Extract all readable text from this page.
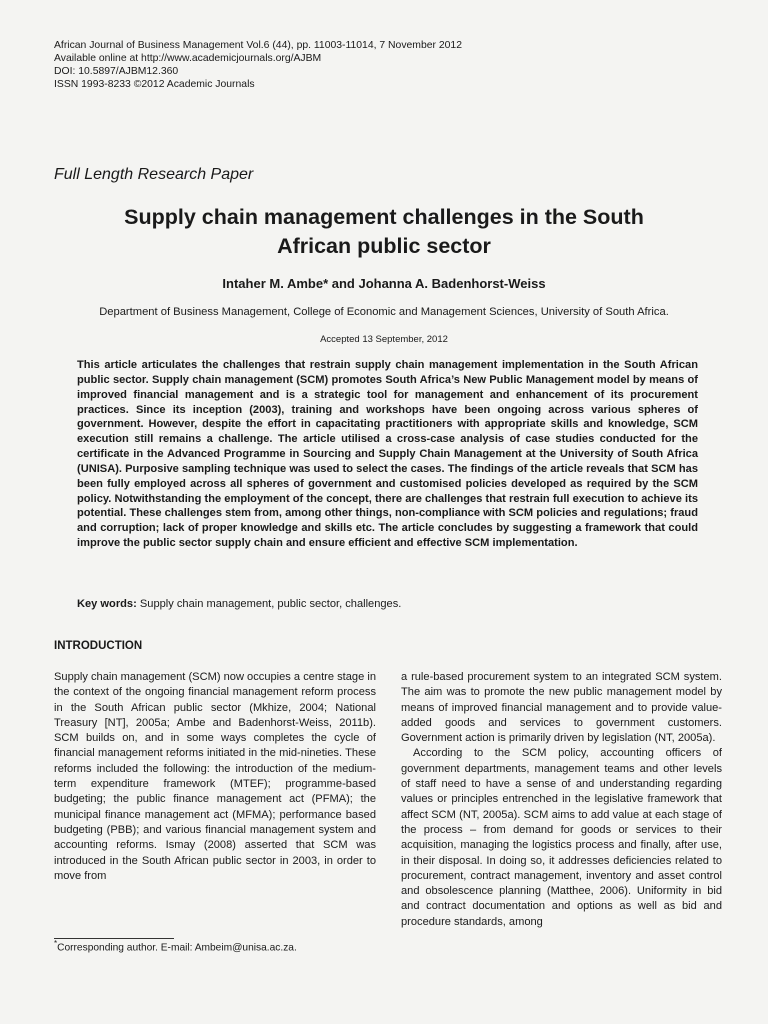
African Journal of Business Management Vol.6 (44), pp. 11003-11014, 7 November 2012
Available online at http://www.academicjournals.org/AJBM
DOI: 10.5897/AJBM12.360
ISSN 1993-8233 ©2012 Academic Journals
Full Length Research Paper
Supply chain management challenges in the South
African public sector
Intaher M. Ambe* and Johanna A. Badenhorst-Weiss
Department of Business Management, College of Economic and Management Sciences, University of South Africa.
Accepted 13 September, 2012
This article articulates the challenges that restrain supply chain management implementation in the South African public sector. Supply chain management (SCM) promotes South Africa’s New Public Management model by means of improved financial management and is a strategic tool for management and enhancement of its procurement practices. Since its inception (2003), training and workshops have been ongoing across various spheres of government. However, despite the effort in capacitating practitioners with appropriate skills and knowledge, SCM execution still remains a challenge. The article utilised a cross-case analysis of case studies conducted for the certificate in the Advanced Programme in Sourcing and Supply Chain Management at the University of South Africa (UNISA). Purposive sampling technique was used to select the cases. The findings of the article reveals that SCM has been fully employed across all spheres of government and customised policies developed as required by the SCM policy. Notwithstanding the employment of the concept, there are challenges that restrain full execution to achieve its potential. These challenges stem from, among other things, non-compliance with SCM policies and regulations; fraud and corruption; lack of proper knowledge and skills etc. The article concludes by suggesting a framework that could improve the public sector supply chain and ensure efficient and effective SCM implementation.
Key words: Supply chain management, public sector, challenges.
INTRODUCTION

Supply chain management (SCM) now occupies a centre stage in the context of the ongoing financial management reform process in the South African public sector (Mkhize, 2004; National Treasury [NT], 2005a; Ambe and Badenhorst-Weiss, 2011b). SCM builds on, and in some ways completes the cycle of financial management reforms initiated in the mid-nineties. These reforms included the following: the introduction of the medium-term expenditure framework (MTEF); programme-based budgeting; the public finance management act (PFMA); the municipal finance management act (MFMA); performance based budgeting (PBB); and various financial management system and accounting reforms. Ismay (2008) asserted that SCM was introduced in the South African public sector in 2003, in order to move from

a rule-based procurement system to an integrated SCM system. The aim was to promote the new public management model by means of improved financial management and to provide value-added goods and services to government customers. Government action is primarily driven by legislation (NT, 2005a).

According to the SCM policy, accounting officers of government departments, management teams and other levels of staff need to have a sense of and understanding regarding values or principles entrenched in the legislative framework that affect SCM (NT, 2005a). SCM aims to add value at each stage of the process – from demand for goods or services to their acquisition, managing the logistics process and finally, after use, in their disposal. In doing so, it addresses deficiencies related to procurement, contract management, inventory and asset control and obsolescence planning (Matthee, 2006). Uniformity in bid and contract documentation and options as well as bid and procedure standards, among

*Corresponding author. E-mail: Ambeim@unisa.ac.za.
